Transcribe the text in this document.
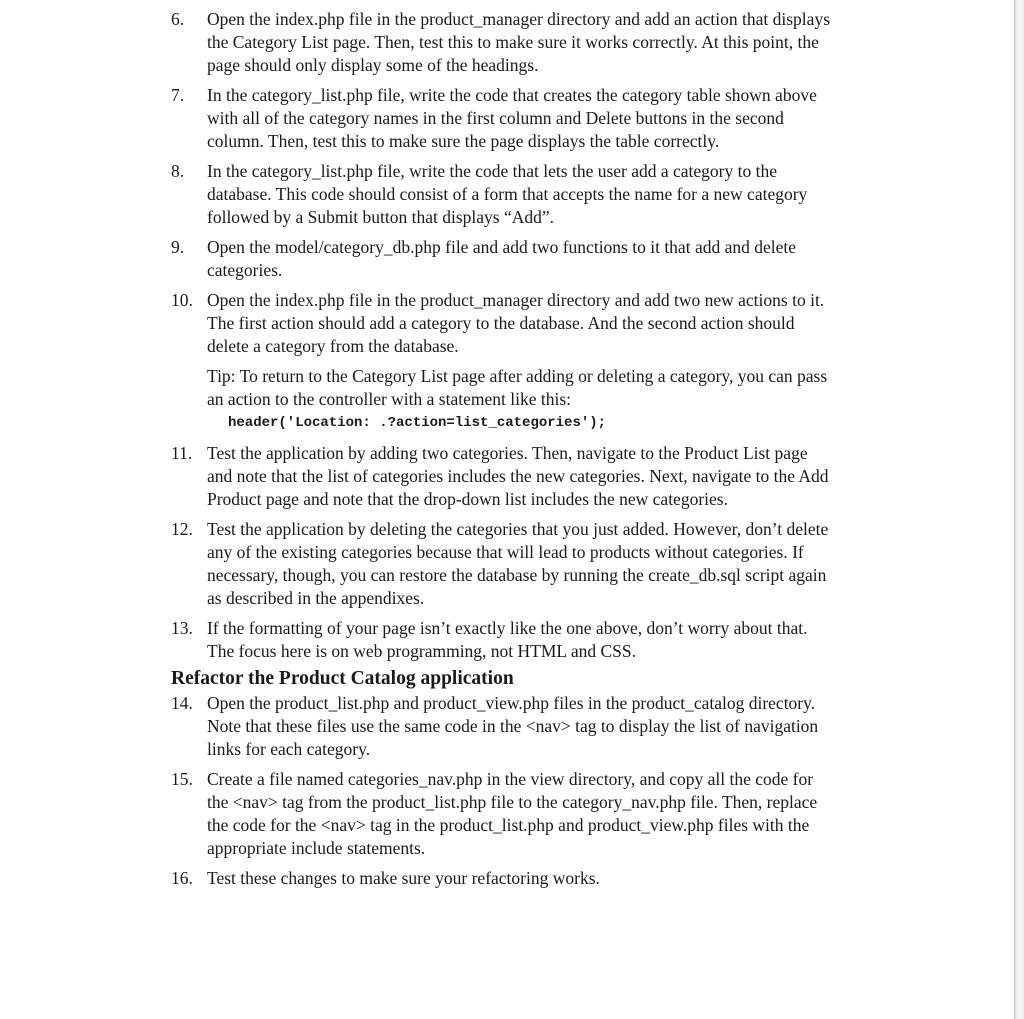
6.	Open the index.php file in the product_manager directory and add an action that displays the Category List page. Then, test this to make sure it works correctly. At this point, the page should only display some of the headings.
7.	In the category_list.php file, write the code that creates the category table shown above with all of the category names in the first column and Delete buttons in the second column. Then, test this to make sure the page displays the table correctly.
8.	In the category_list.php file, write the code that lets the user add a category to the database. This code should consist of a form that accepts the name for a new category followed by a Submit button that displays “Add”.
9.	Open the model/category_db.php file and add two functions to it that add and delete categories.
10. Open the index.php file in the product_manager directory and add two new actions to it. The first action should add a category to the database. And the second action should delete a category from the database.
Tip: To return to the Category List page after adding or deleting a category, you can pass an action to the controller with a statement like this:
header('Location: .?action=list_categories');
11. Test the application by adding two categories. Then, navigate to the Product List page and note that the list of categories includes the new categories. Next, navigate to the Add Product page and note that the drop-down list includes the new categories.
12. Test the application by deleting the categories that you just added. However, don’t delete any of the existing categories because that will lead to products without categories. If necessary, though, you can restore the database by running the create_db.sql script again as described in the appendixes.
13. If the formatting of your page isn’t exactly like the one above, don’t worry about that. The focus here is on web programming, not HTML and CSS.
Refactor the Product Catalog application
14. Open the product_list.php and product_view.php files in the product_catalog directory. Note that these files use the same code in the <nav> tag to display the list of navigation links for each category.
15. Create a file named categories_nav.php in the view directory, and copy all the code for the <nav> tag from the product_list.php file to the category_nav.php file. Then, replace the code for the <nav> tag in the product_list.php and product_view.php files with the appropriate include statements.
16. Test these changes to make sure your refactoring works.
